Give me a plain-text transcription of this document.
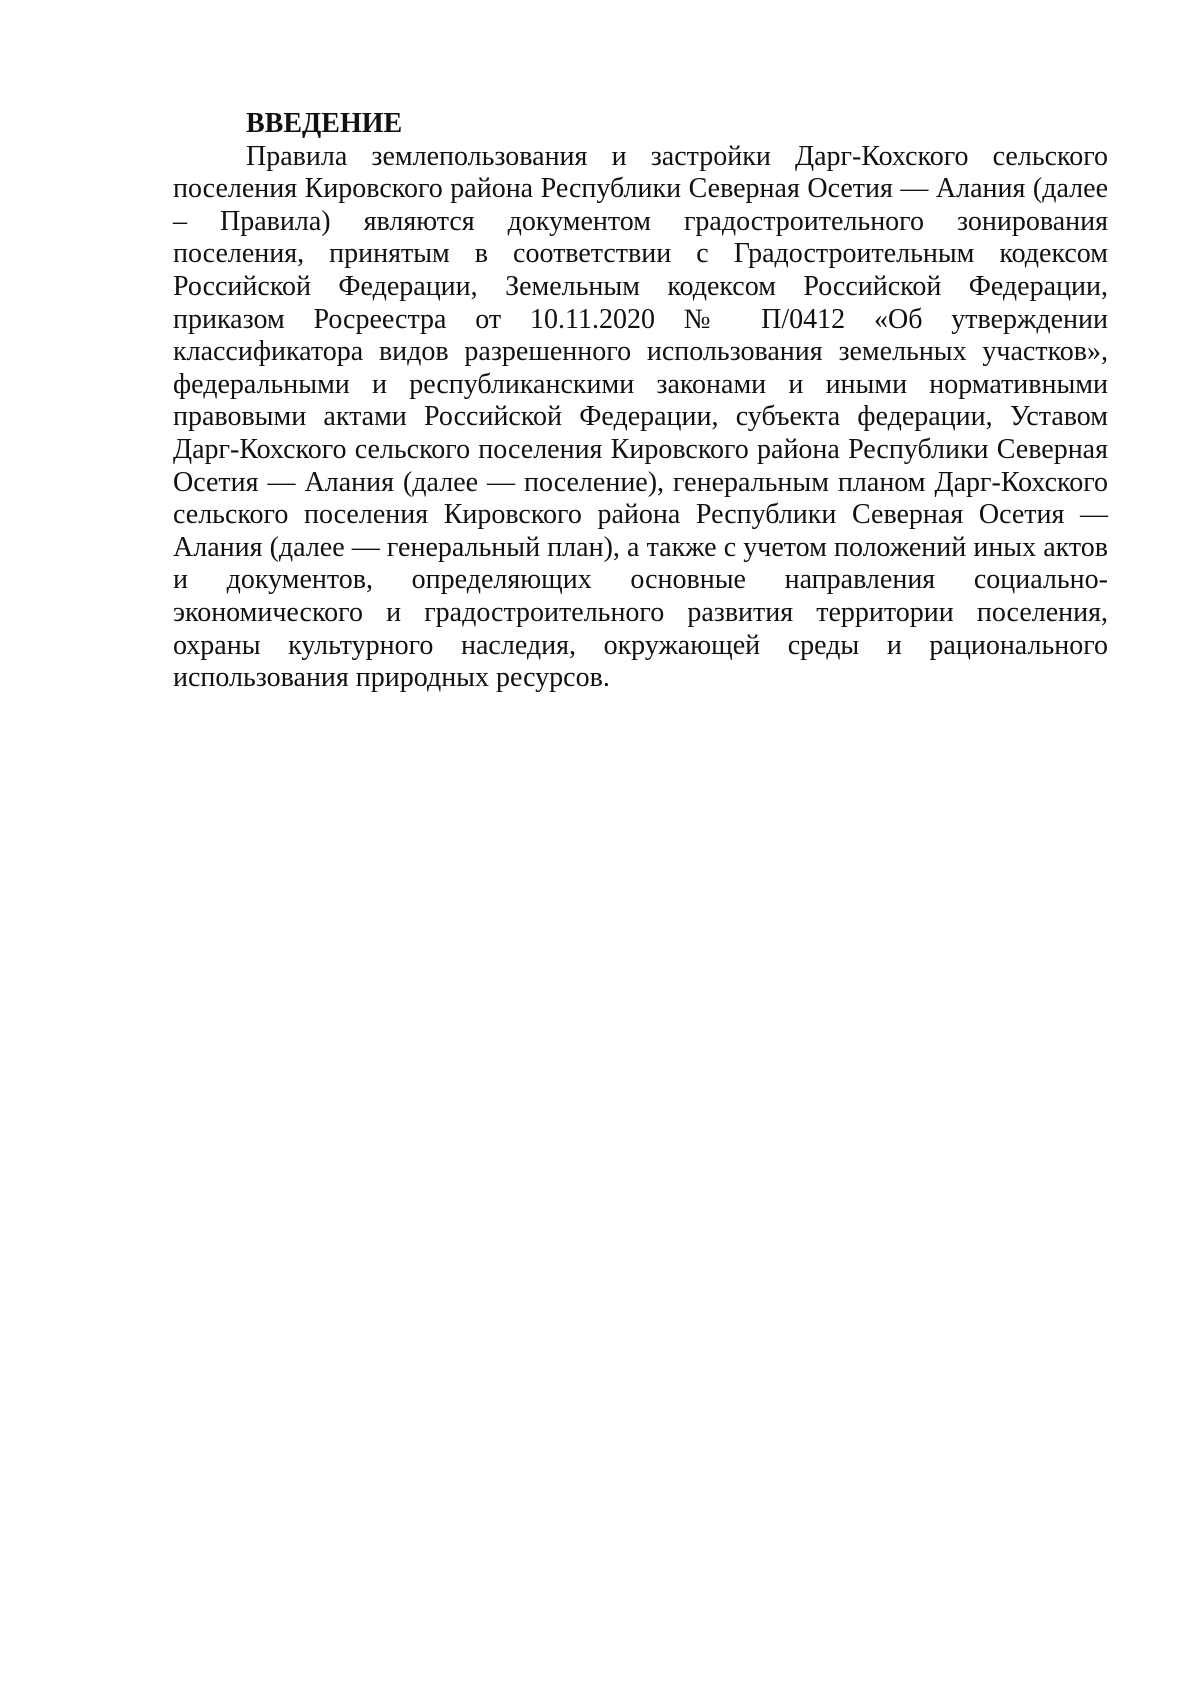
ВВЕДЕНИЕ

Правила землепользования и застройки Дарг-Кохского сельского поселения Кировского района Республики Северная Осетия — Алания (далее – Правила) являются документом градостроительного зонирования поселения, принятым в соответствии с Градостроительным кодексом Российской Федерации, Земельным кодексом Российской Федерации, приказом Росреестра от 10.11.2020 № П/0412 «Об утверждении классификатора видов разрешенного использования земельных участков», федеральными и республиканскими законами и иными нормативными правовыми актами Российской Федерации, субъекта федерации, Уставом Дарг-Кохского сельского поселения Кировского района Республики Северная Осетия — Алания (далее — поселение), генеральным планом Дарг-Кохского сельского поселения Кировского района Республики Северная Осетия — Алания (далее — генеральный план), а также с учетом положений иных актов и документов, определяющих основные направления социально-экономического и градостроительного развития территории поселения, охраны культурного наследия, окружающей среды и рационального использования природных ресурсов.
